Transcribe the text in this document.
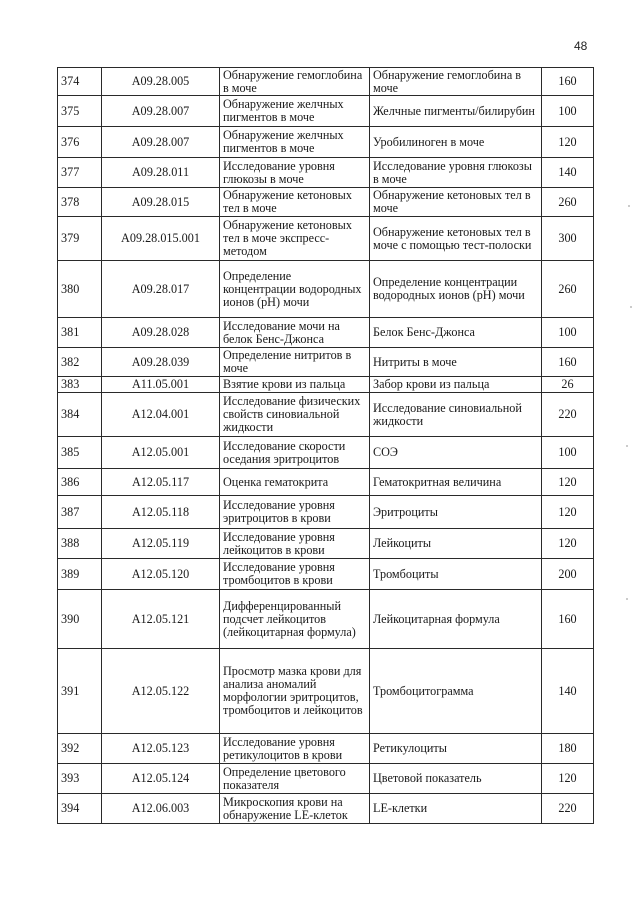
48
374	A09.28.005	Обнаружение гемоглобина в моче	Обнаружение гемоглобина в моче	160
375	A09.28.007	Обнаружение желчных пигментов в моче	Желчные пигменты/билирубин	100
376	A09.28.007	Обнаружение желчных пигментов в моче	Уробилиноген в моче	120
377	A09.28.011	Исследование уровня глюкозы в моче	Исследование уровня глюкозы в моче	140
378	A09.28.015	Обнаружение кетоновых тел в моче	Обнаружение кетоновых тел в моче	260
379	A09.28.015.001	Обнаружение кетоновых тел в моче экспресс-методом	Обнаружение кетоновых тел в моче с помощью тест-полоски	300
380	A09.28.017	Определение концентрации водородных ионов (pH) мочи	Определение концентрации водородных ионов (pH) мочи	260
381	A09.28.028	Исследование мочи на белок Бенс-Джонса	Белок Бенс-Джонса	100
382	A09.28.039	Определение нитритов в моче	Нитриты в моче	160
383	A11.05.001	Взятие крови из пальца	Забор крови из пальца	26
384	A12.04.001	Исследование физических свойств синовиальной жидкости	Исследование синовиальной жидкости	220
385	A12.05.001	Исследование скорости оседания эритроцитов	СОЭ	100
386	A12.05.117	Оценка гематокрита	Гематокритная величина	120
387	A12.05.118	Исследование уровня эритроцитов в крови	Эритроциты	120
388	A12.05.119	Исследование уровня лейкоцитов в крови	Лейкоциты	120
389	A12.05.120	Исследование уровня тромбоцитов в крови	Тромбоциты	200
390	A12.05.121	Дифференцированный подсчет лейкоцитов (лейкоцитарная формула)	Лейкоцитарная формула	160
391	A12.05.122	Просмотр мазка крови для анализа аномалий морфологии эритроцитов, тромбоцитов и лейкоцитов	Тромбоцитограмма	140
392	A12.05.123	Исследование уровня ретикулоцитов в крови	Ретикулоциты	180
393	A12.05.124	Определение цветового показателя	Цветовой показатель	120
394	A12.06.003	Микроскопия крови на обнаружение LE-клеток	LE-клетки	220
